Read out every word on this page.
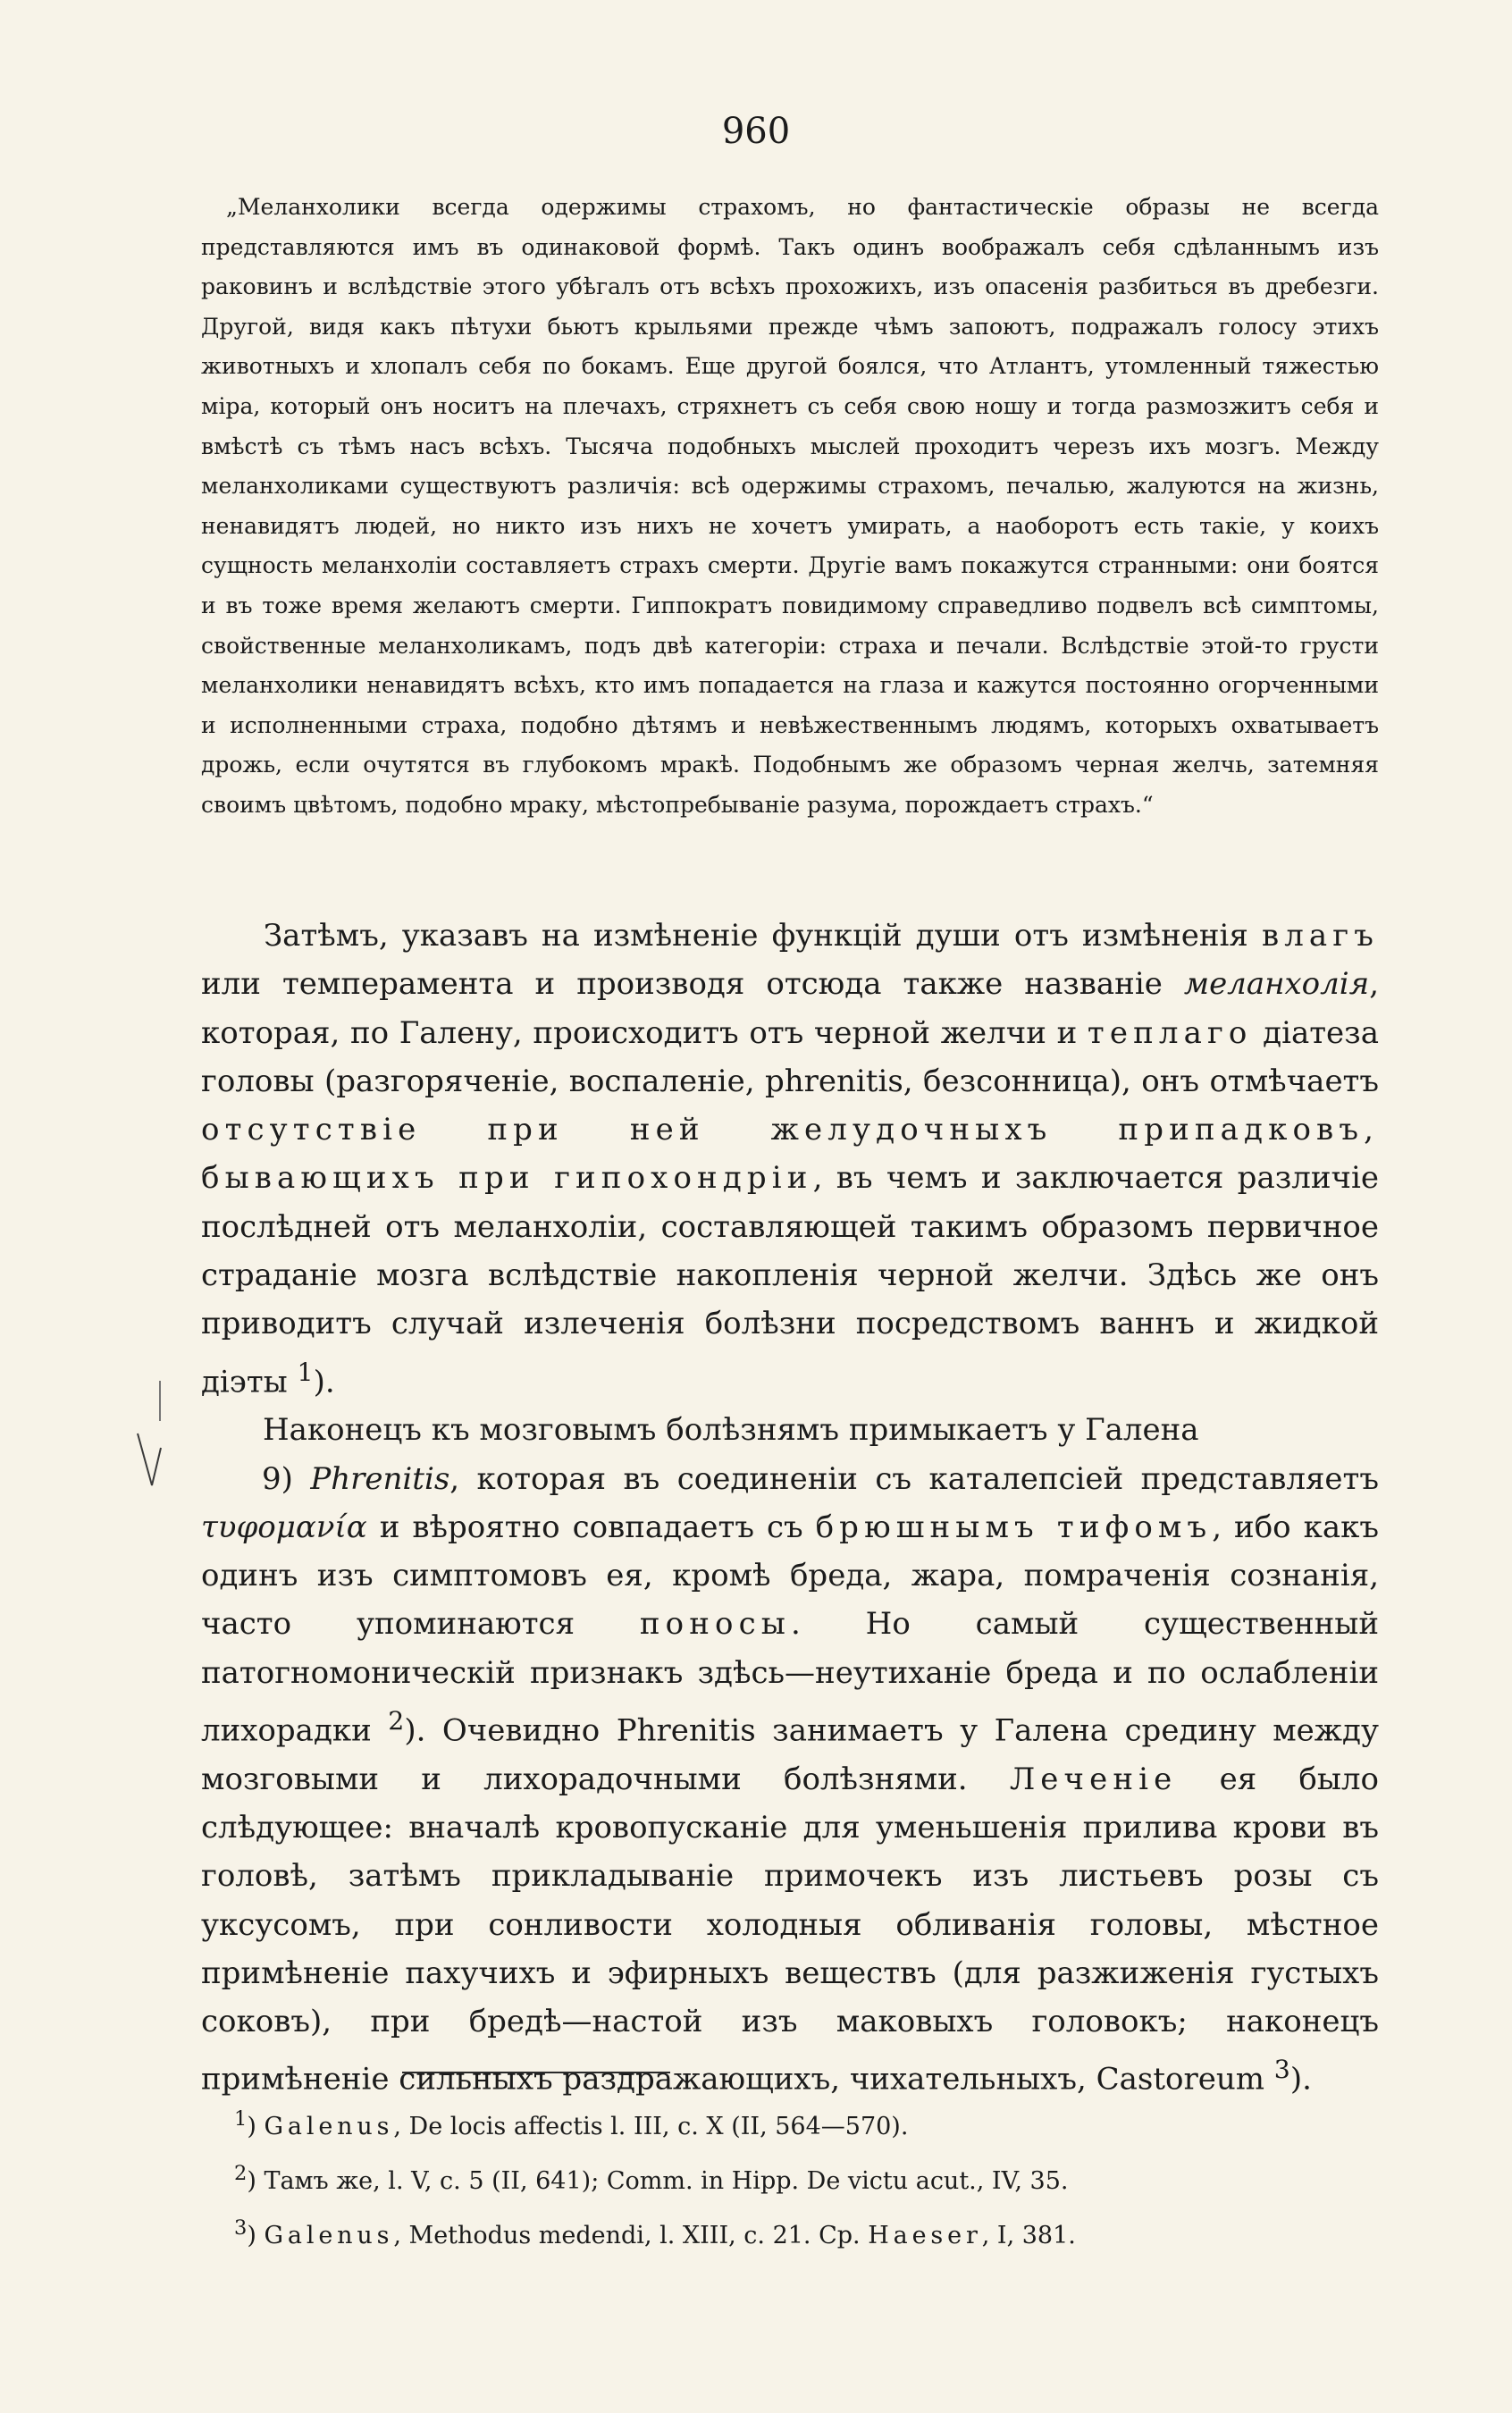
960

„Меланхолики всегда одержимы страхомъ, но фантастическіе образы не всегда представляются имъ въ одинаковой формѣ. Такъ одинъ воображалъ себя сдѣланнымъ изъ раковинъ и вслѣдствіе этого убѣгалъ отъ всѣхъ прохожихъ, изъ опасенія разбиться въ дребезги. Другой, видя какъ пѣтухи бьютъ крыльями прежде чѣмъ запоютъ, подражалъ голосу этихъ животныхъ и хлопалъ себя по бокамъ. Еще другой боялся, что Атлантъ, утомленный тяжестью міра, который онъ носитъ на плечахъ, стряхнетъ съ себя свою ношу и тогда размозжитъ себя и вмѣстѣ съ тѣмъ насъ всѣхъ. Тысяча подобныхъ мыслей проходитъ черезъ ихъ мозгъ. Между меланхоликами существуютъ различія: всѣ одержимы страхомъ, печалью, жалуются на жизнь, ненавидятъ людей, но никто изъ нихъ не хочетъ умирать, а наоборотъ есть такіе, у коихъ сущность меланхоліи составляетъ страхъ смерти. Другіе вамъ покажутся странными: они боятся и въ тоже время желаютъ смерти. Гиппократъ повидимому справедливо подвелъ всѣ симптомы, свойственные меланхоликамъ, подъ двѣ категоріи: страха и печали. Вслѣдствіе этой-то грусти меланхолики ненавидятъ всѣхъ, кто имъ попадается на глаза и кажутся постоянно огорченными и исполненными страха, подобно дѣтямъ и невѣжественнымъ людямъ, которыхъ охватываетъ дрожь, если очутятся въ глубокомъ мракѣ. Подобнымъ же образомъ черная желчь, затемняя своимъ цвѣтомъ, подобно мраку, мѣстопребываніе разума, порождаетъ страхъ.“

  Затѣмъ, указавъ на измѣненіе функцій души отъ измѣненія влагъ или темперамента и производя отсюда также названіе меланхолія, которая, по Галену, происходитъ отъ черной желчи и теплаго діатеза головы (разгоряченіе, воспаленіе, phrenitis, безсонница), онъ отмѣчаетъ отсутствіе при ней желудочныхъ припадковъ, бывающихъ при гипохондріи, въ чемъ и заключается различіе послѣдней отъ меланхоліи, составляющей такимъ образомъ первичное страданіе мозга вслѣдствіе накопленія черной желчи. Здѣсь же онъ приводитъ случай излеченія болѣзни посредствомъ ваннъ и жидкой діэты $^1$).

  Наконецъ къ мозговымъ болѣзнямъ примыкаетъ у Галена

  9) Phrenitis, которая въ соединеніи съ каталепсіей представляетъ τυφομανία и вѣроятно совпадаетъ съ брюшнымъ тифомъ, ибо какъ одинъ изъ симптомовъ ея, кромѣ бреда, жара, помраченія сознанія, часто упоминаются поносы. Но самый существенный патогномоническій признакъ здѣсь—неутиханіе бреда и по ослабленіи лихорадки $^2$). Очевидно Phrenitis занимаетъ у Галена средину между мозговыми и лихорадочными болѣзнями. Леченіе ея было слѣдующее: вначалѣ кровопусканіе для уменьшенія прилива крови въ головѣ, затѣмъ прикладываніе примочекъ изъ листьевъ розы съ уксусомъ, при сонливости холодныя обливанія головы, мѣстное примѣненіе пахучихъ и эфирныхъ веществъ (для разжиженія густыхъ соковъ), при бредѣ—настой изъ маковыхъ головокъ; наконецъ примѣненіе сильныхъ раздражающихъ, чихательныхъ, Castoreum $^3$).

$^1$) Galenus, De locis affectis l. III, c. X (II, 564—570).

$^2$) Тамъ же, l. V, c. 5 (II, 641); Comm. in Hipp. De victu acut., IV, 35.

$^3$) Galenus, Methodus medendi, l. XIII, c. 21. Cp. Haeser, I, 381.
